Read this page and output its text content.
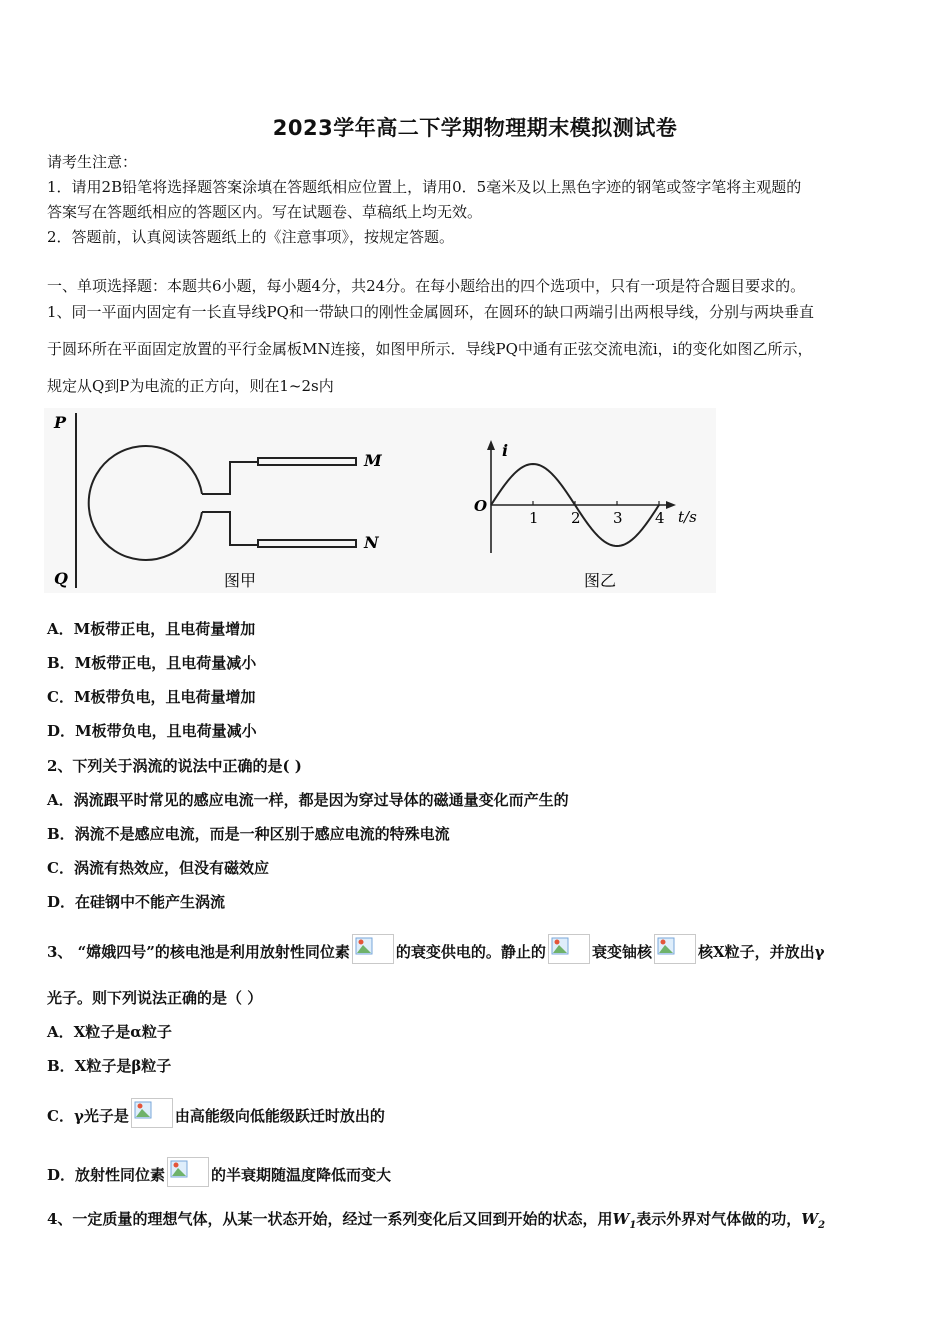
2023学年高二下学期物理期末模拟测试卷
请考生注意：
1．请用2B铅笔将选择题答案涂填在答题纸相应位置上，请用0．5毫米及以上黑色字迹的钢笔或签字笔将主观题的
答案写在答题纸相应的答题区内。写在试题卷、草稿纸上均无效。
2．答题前，认真阅读答题纸上的《注意事项》，按规定答题。
一、单项选择题：本题共6小题，每小题4分，共24分。在每小题给出的四个选项中，只有一项是符合题目要求的。
1、同一平面内固定有一长直导线PQ和一带缺口的刚性金属圆环，在圆环的缺口两端引出两根导线，分别与两块垂直
于圆环所在平面固定放置的平行金属板MN连接，如图甲所示．导线PQ中通有正弦交流电流i，i的变化如图乙所示，
规定从Q到P为电流的正方向，则在1~2s内
P
Q
M
N
图甲
1 2 3 4
i
O
t/s
图乙
A．M板带正电，且电荷量增加
B．M板带正电，且电荷量减小
C．M板带负电，且电荷量增加
D．M板带负电，且电荷量减小
2、下列关于涡流的说法中正确的是( )
A．涡流跟平时常见的感应电流一样，都是因为穿过导体的磁通量变化而产生的
B．涡流不是感应电流，而是一种区别于感应电流的特殊电流
C．涡流有热效应，但没有磁效应
D．在硅钢中不能产生涡流
3、 “嫦娥四号”的核电池是利用放射性同位素	的衰变供电的。静止的	衰变铀核	核X粒子，并放出γ
光子。则下列说法正确的是（ ）
A．X粒子是α粒子
B．X粒子是β粒子
C．γ光子是	由高能级向低能级跃迁时放出的
D．放射性同位素	的半衰期随温度降低而变大
4、一定质量的理想气体，从某一状态开始，经过一系列变化后又回到开始的状态，用$W_1$表示外界对气体做的功，$W_2$
